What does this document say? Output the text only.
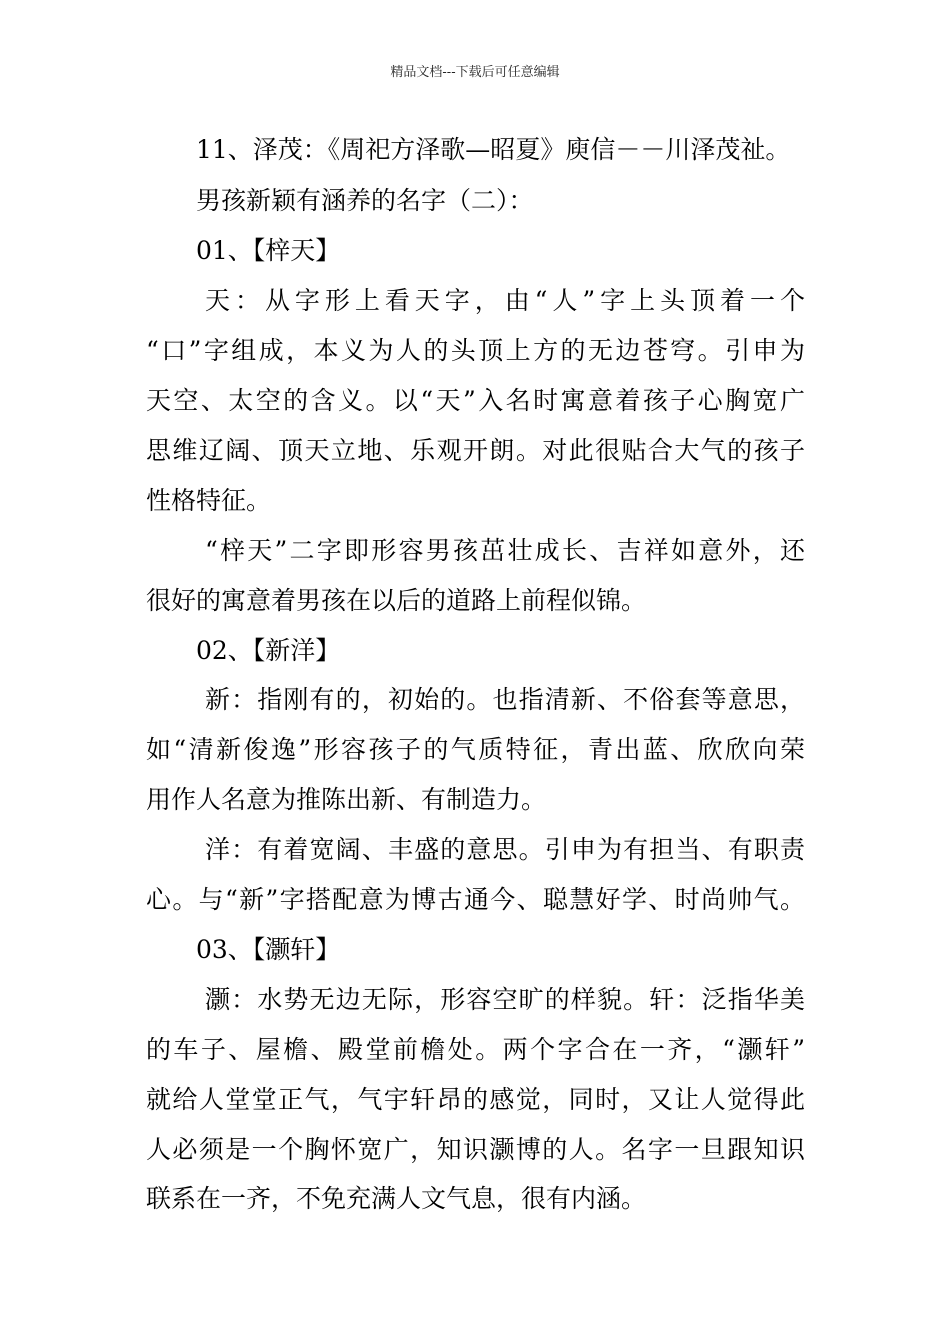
精品文档---下载后可任意编辑
11、泽茂：《周祀方泽歌—昭夏》庾信－－川泽茂祉。
男孩新颖有涵养的名字（二）：
01、【梓天】
天：从字形上看天字，由“人”字上头顶着一个
“口”字组成，本义为人的头顶上方的无边苍穹。引申为
天空、太空的含义。以“天”入名时寓意着孩子心胸宽广
思维辽阔、顶天立地、乐观开朗。对此很贴合大气的孩子
性格特征。
“梓天”二字即形容男孩茁壮成长、吉祥如意外，还
很好的寓意着男孩在以后的道路上前程似锦。
02、【新洋】
新：指刚有的，初始的。也指清新、不俗套等意思，
如“清新俊逸”形容孩子的气质特征，青出蓝、欣欣向荣
用作人名意为推陈出新、有制造力。
洋：有着宽阔、丰盛的意思。引申为有担当、有职责
心。与“新”字搭配意为博古通今、聪慧好学、时尚帅气。
03、【灏轩】
灏：水势无边无际，形容空旷的样貌。轩：泛指华美
的车子、屋檐、殿堂前檐处。两个字合在一齐，“灏轩”
就给人堂堂正气，气宇轩昂的感觉，同时，又让人觉得此
人必须是一个胸怀宽广，知识灏博的人。名字一旦跟知识
联系在一齐，不免充满人文气息，很有内涵。
